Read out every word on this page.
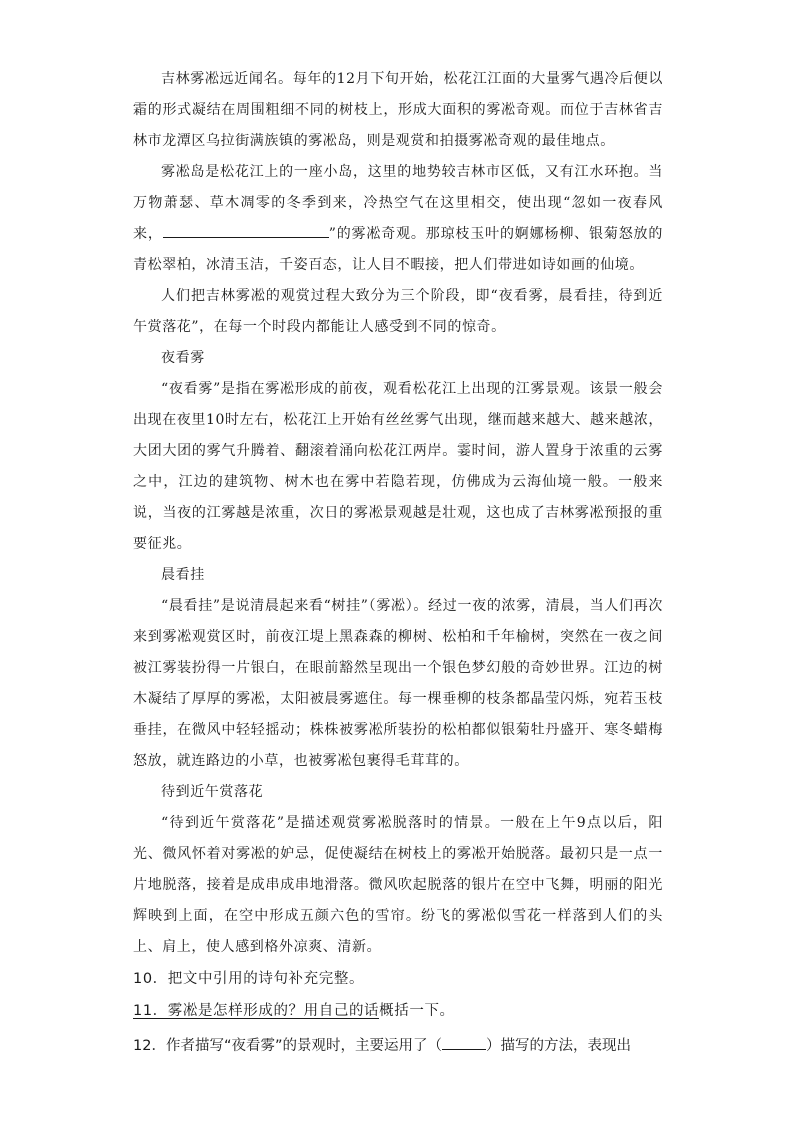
吉林雾凇远近闻名。每年的12月下旬开始，松花江江面的大量雾气遇冷后便以霜的形式凝结在周围粗细不同的树枝上，形成大面积的雾凇奇观。而位于吉林省吉林市龙潭区乌拉街满族镇的雾凇岛，则是观赏和拍摄雾凇奇观的最佳地点。

雾凇岛是松花江上的一座小岛，这里的地势较吉林市区低，又有江水环抱。当万物萧瑟、草木凋零的冬季到来，冷热空气在这里相交，使出现“忽如一夜春风来，	”的雾凇奇观。那琼枝玉叶的婀娜杨柳、银菊怒放的青松翠柏，冰清玉洁，千姿百态，让人目不暇接，把人们带进如诗如画的仙境。

人们把吉林雾凇的观赏过程大致分为三个阶段，即“夜看雾，晨看挂，待到近午赏落花”，在每一个时段内都能让人感受到不同的惊奇。

夜看雾

“夜看雾”是指在雾凇形成的前夜，观看松花江上出现的江雾景观。该景一般会出现在夜里10时左右，松花江上开始有丝丝雾气出现，继而越来越大、越来越浓，大团大团的雾气升腾着、翻滚着涌向松花江两岸。霎时间，游人置身于浓重的云雾之中，江边的建筑物、树木也在雾中若隐若现，仿佛成为云海仙境一般。一般来说，当夜的江雾越是浓重，次日的雾凇景观越是壮观，这也成了吉林雾凇预报的重要征兆。

晨看挂

“晨看挂”是说清晨起来看“树挂”（雾凇）。经过一夜的浓雾，清晨，当人们再次来到雾凇观赏区时，前夜江堤上黑森森的柳树、松柏和千年榆树，突然在一夜之间被江雾装扮得一片银白，在眼前豁然呈现出一个银色梦幻般的奇妙世界。江边的树木凝结了厚厚的雾凇，太阳被晨雾遮住。每一棵垂柳的枝条都晶莹闪烁，宛若玉枝垂挂，在微风中轻轻摇动；株株被雾凇所装扮的松柏都似银菊牡丹盛开、寒冬蜡梅怒放，就连路边的小草，也被雾凇包裹得毛茸茸的。

待到近午赏落花

“待到近午赏落花”是描述观赏雾凇脱落时的情景。一般在上午9点以后，阳光、微风怀着对雾凇的妒忌，促使凝结在树枝上的雾凇开始脱落。最初只是一点一片地脱落，接着是成串成串地滑落。微风吹起脱落的银片在空中飞舞，明丽的阳光辉映到上面，在空中形成五颜六色的雪帘。纷飞的雾凇似雪花一样落到人们的头上、肩上，使人感到格外凉爽、清新。

10．把文中引用的诗句补充完整。

11．雾凇是怎样形成的？用自己的话概括一下。

12．作者描写“夜看雾”的景观时，主要运用了（	）描写的方法，表现出
